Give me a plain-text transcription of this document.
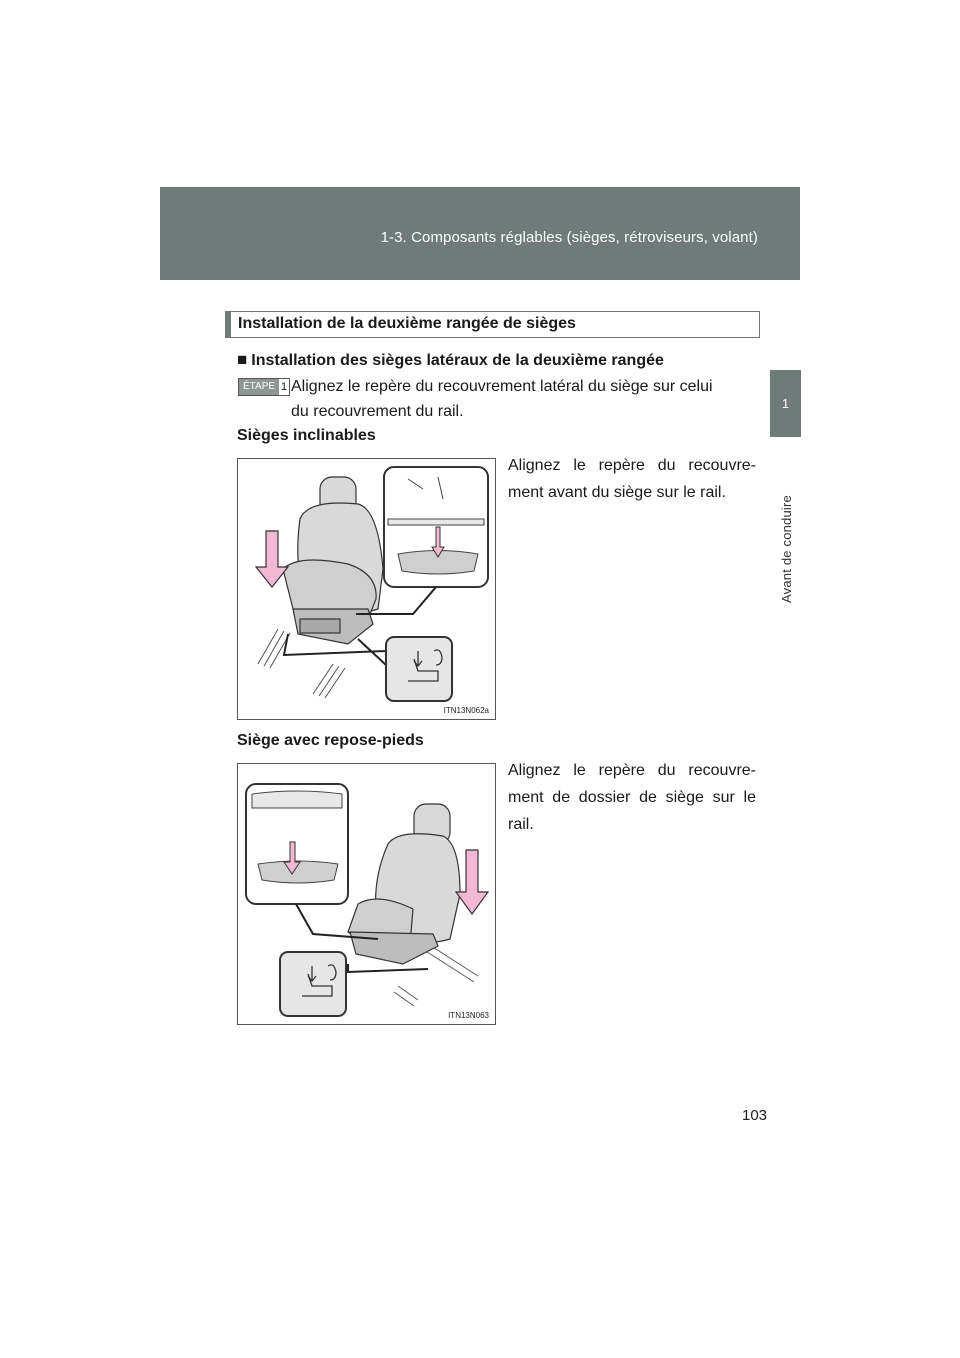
1-3. Composants réglables (sièges, rétroviseurs, volant)
1
Avant de conduire
Installation de la deuxième rangée de sièges
■ Installation des sièges latéraux de la deuxième rangée
ÉTAPE 1 Alignez le repère du recouvrement latéral du siège sur celui
du recouvrement du rail.
Sièges inclinables
ITN13N062a
Alignez le repère du recouvre-ment avant du siège sur le rail.
Siège avec repose-pieds
ITN13N063
Alignez le repère du recouvre-ment de dossier de siège sur le rail.
103
